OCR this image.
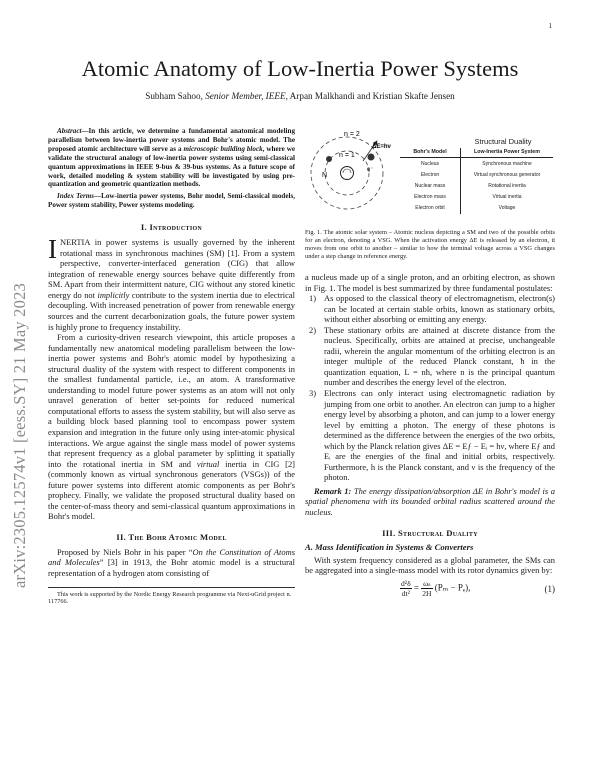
1
arXiv:2305.12574v1 [eess.SY] 21 May 2023
Atomic Anatomy of Low-Inertia Power Systems
Subham Sahoo, Senior Member, IEEE, Arpan Malkhandi and Kristian Skafte Jensen

Abstract—In this article, we determine a fundamental anatomical modeling parallelism between low-inertia power systems and Bohr's atomic model. The proposed atomic architecture will serve as a microscopic building block, where we validate the structural analogy of low-inertia power systems using semi-classical quantum approximations in IEEE 9-bus & 39-bus systems. As a future scope of work, detailed modeling & system stability will be investigated by using pre-quantization and geometric quantization methods.

Index Terms—Low-inertia power systems, Bohr model, Semi-classical models, Power system stability, Power systems modeling.

I. Introduction

INERTIA in power systems is usually governed by the inherent rotational mass in synchronous machines (SM) [1]. From a system perspective, converter-interfaced generation (CIG) that allow integration of renewable energy sources behave quite differently from SM. Apart from their intermittent nature, CIG without any stored kinetic energy do not implicitly contribute to the system inertia due to electrical decoupling. With increased penetration of power from renewable energy sources and the current decarbonization goals, the future power system is highly prone to frequency instability.

From a curiosity-driven research viewpoint, this article proposes a fundamentally new anatomical modeling parallelism between the low-inertia power systems and Bohr's atomic model by hypothesizing a structural duality of the system with respect to different components in the smallest fundamental particle, i.e., an atom. A transformative understanding to model future power systems as an atom will not only unravel generation of better set-points for reduced numerical computational efforts to assess the system stability, but will also serve as a building block based planning tool to encompass power system expansion and integration in the future only using inter-atomic physical interactions. We argue against the single mass model of power systems that represent frequency as a global parameter by splitting it spatially into the rotational inertia in SM and virtual inertia in CIG [2] (commonly known as virtual synchronous generators (VSGs)) of the future power systems into different atomic components as per Bohr's prophecy. Finally, we validate the proposed structural duality based on the center-of-mass theory and semi-classical quantum approximations in Bohr's model.

II. The Bohr Atomic Model

Proposed by Niels Bohr in his paper “On the Constitution of Atoms and Molecules” [3] in 1913, the Bohr atomic model is a structural representation of a hydrogen atom consisting of

This work is supported by the Nordic Energy Research programme via Next-uGrid project n. 117766.
n = 2
n = 1
N
e⁻
ΔE=hν
Structural Duality
Bohr's Model	Low-Inertia Power System
Nucleus	Synchronous machine
Electron	Virtual synchronous generator
Nuclear mass	Rotational inertia
Electron mass	Virtual inertia
Electron orbit	Voltage

Fig. 1. The atomic solar system – Atomic nucleus depicting a SM and two of the possible orbits for an electron, denoting a VSG. When the activation energy ΔE is released by an electron, it moves from one orbit to another – similar to how the terminal voltage across a VSG changes under a step change in reference energy.

a nucleus made up of a single proton, and an orbiting electron, as shown in Fig. 1. The model is best summarized by three fundamental postulates:

1) As opposed to the classical theory of electromagnetism, electron(s) can be located at certain stable orbits, known as stationary orbits, without either absorbing or emitting any energy.
2) These stationary orbits are attained at discrete distance from the nucleus. Specifically, orbits are attained at precise, unchangeable radii, wherein the angular momentum of the orbiting electron is an integer multiple of the reduced Planck constant, ħ in the quantization equation, L = nħ, where n is the principal quantum number and describes the energy level of the electron.
3) Electrons can only interact using electromagnetic radiation by jumping from one orbit to another. An electron can jump to a higher energy level by absorbing a photon, and can jump to a lower energy level by emitting a photon. The energy of these photons is determined as the difference between the energies of the two orbits, which by the Planck relation gives ΔE = Eƒ − Eᵢ = hν, where Eƒ and Eᵢ are the energies of the final and initial orbits, respectively. Furthermore, h is the Planck constant, and ν is the frequency of the photon.

Remark 1: The energy dissipation/absorption ΔE in Bohr's model is a spatial phenomena with its bounded orbital radius scattered around the nucleus.

III. Structural Duality
A. Mass Identification in Systems & Converters

With system frequency considered as a global parameter, the SMs can be aggregated into a single-mass model with its rotor dynamics given by:

$\frac{\text{d²δ}}{\text{dt²}} = \frac{\text{ωₛ}}{2H} (P_m - P_e)$,	(1)
